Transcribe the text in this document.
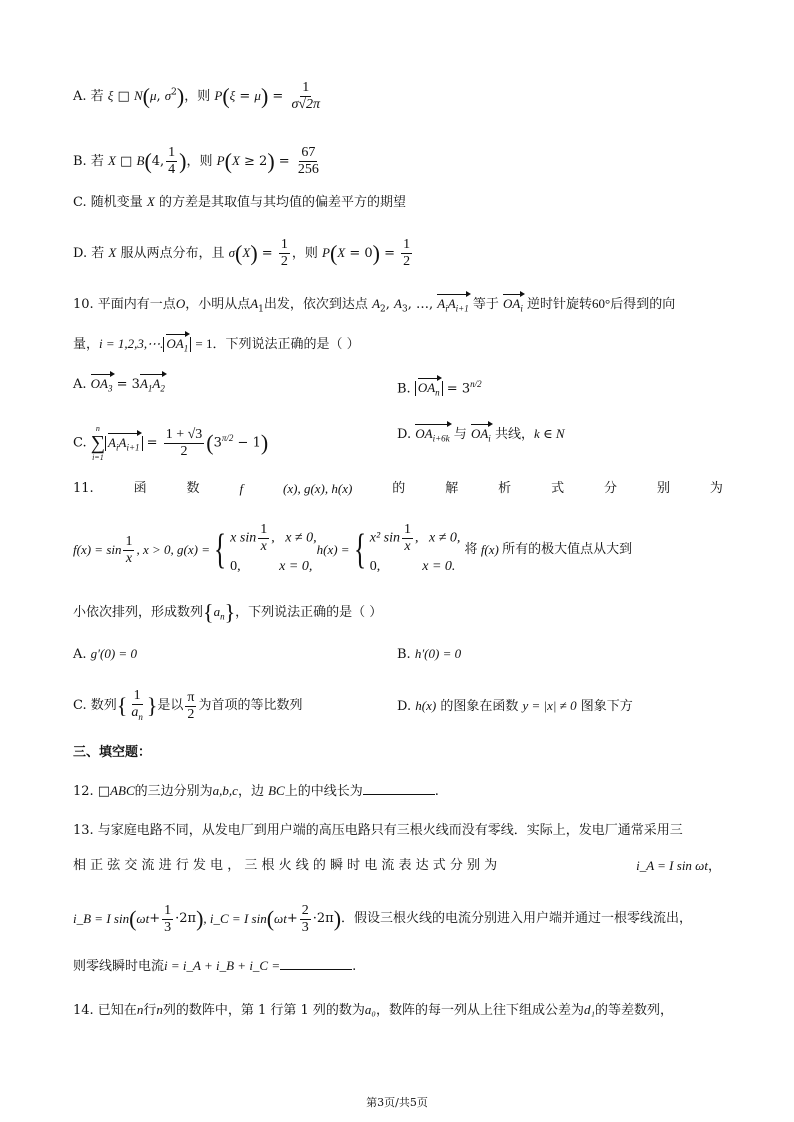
A. 若 ξ □ N(μ, $\sigma^2$)，则 $P(\xi = \mu) = \frac{1}{\sigma√2\pi}$
B. 若 X □ B(4, $\frac{1}{4}$ )，则 $P(X \ge 2) = \frac{67}{256}$
C. 随机变量 X 的方差是其取值与其均值的偏差平方的期望
D. 若 X 服从两点分布，且 $\sigma(X) = \frac{1}{2}$ ，则 $P(X = 0) = \frac{1}{2}$
10. 平面内有一点O，小明从点$A_1$出发，依次到达点 $A_2$, $A_3$, …, $A_iA_{i+1}$ 等于 $OA_i$ 逆时针旋转60°后得到的向
量，i = 1,2,3,⋯. $OA_1 = 1$．下列说法正确的是（ ）
A. $OA_3 = 3A_1A_2$	B. $OA_n = 3^{n/2}$
C.
n
∑
i=1
$A_iA_{i+1} = \frac{1 + √3}{2} (3^{\pi/2} - 1)$	D. $OA_{i+6k}$ 与 $OA_i$ 共线，k ∈ N
11.	函	数	f	(x), g(x), h(x)	的	解	析	式	分	别	为
$f(x) = \sin \frac{1}{x}$ , x > 0, g(x) = { x $\sin \frac{1}{x}$ ,   x ≠ 0,
0,	x = 0,
h(x) = { x² $\sin \frac{1}{x}$ ,   x ≠ 0,
0,	x = 0.

将 f(x) 所有的极大值点从大到
小依次排列，形成数列$\{a_n\}$，下列说法正确的是（ ）
A. g′(0) = 0	B. h′(0) = 0
C. 数列 { $\frac{1}{a_n}$ } 是以 $\frac{\pi}{2}$ 为首项的等比数列	D. h(x) 的图象在函数 y = |x| ≠ 0 图象下方
三、填空题：
12. □ABC的三边分别为a,b,c，边 BC上的中线长为	.
13. 与家庭电路不同，从发电厂到用户端的高压电路只有三根火线而没有零线．实际上，发电厂通常采用三
相 正 弦 交 流 进 行 发 电 ， 三 根 火 线 的 瞬 时 电 流 表 达 式 分 别 为	i_A = I sin ωt，
i_B = I sin ( $\omega t + \frac{1}{3} \cdot 2\pi$ ) , i_C = I sin ( $\omega t + \frac{2}{3} \cdot 2\pi$ ) ．假设三根火线的电流分别进入用户端并通过一根零线流出，
则零线瞬时电流i = i_A + i_B + i_C =	.
14. 已知在n行n列的数阵中，第 1 行第 1 列的数为a₀，数阵的每一列从上往下组成公差为d₁的等差数列，
第3页/共5页
